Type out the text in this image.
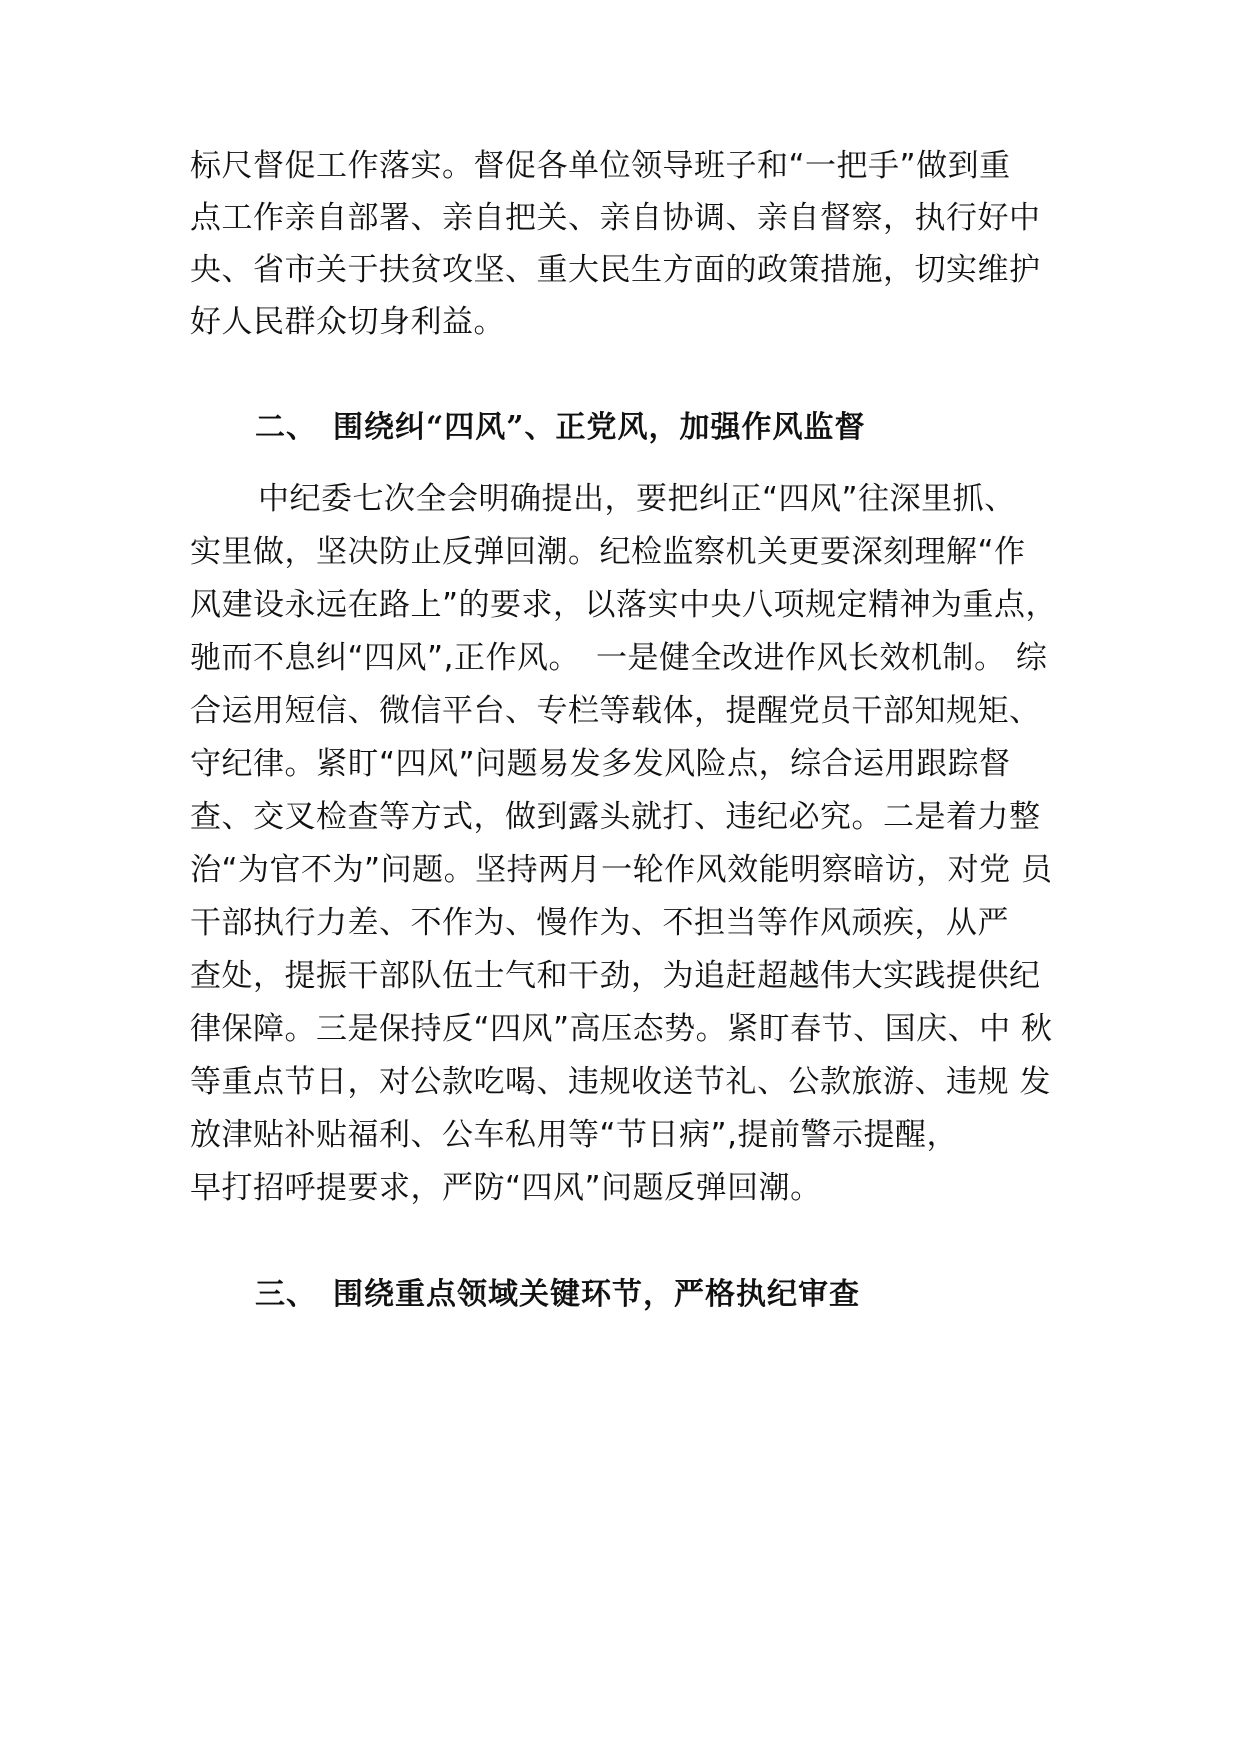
标尺督促工作落实。督促各单位领导班子和“一把手”做到重
点工作亲自部署、亲自把关、亲自协调、亲自督察，执行好中
央、省市关于扶贫攻坚、重大民生方面的政策措施，切实维护
好人民群众切身利益。
二、 围绕纠“四风”、正党风，加强作风监督
中纪委七次全会明确提出，要把纠正“四风”往深里抓、
实里做，坚决防止反弹回潮。纪检监察机关更要深刻理解“作
风建设永远在路上”的要求，以落实中央八项规定精神为重点，
驰而不息纠“四风”,正作风。　一是健全改进作风长效机制。 综
合运用短信、微信平台、专栏等载体，提醒党员干部知规矩、
守纪律。紧盯“四风”问题易发多发风险点，综合运用跟踪督
查、交叉检查等方式，做到露头就打、违纪必究。二是着力整
治“为官不为”问题。坚持两月一轮作风效能明察暗访，对党 员
干部执行力差、不作为、慢作为、不担当等作风顽疾，从严
查处，提振干部队伍士气和干劲，为追赶超越伟大实践提供纪
律保障。三是保持反“四风”高压态势。紧盯春节、国庆、中 秋
等重点节日，对公款吃喝、违规收送节礼、公款旅游、违规 发
放津贴补贴福利、公车私用等“节日病”,提前警示提醒，
早打招呼提要求，严防“四风”问题反弹回潮。
三、 围绕重点领域关键环节，严格执纪审查
